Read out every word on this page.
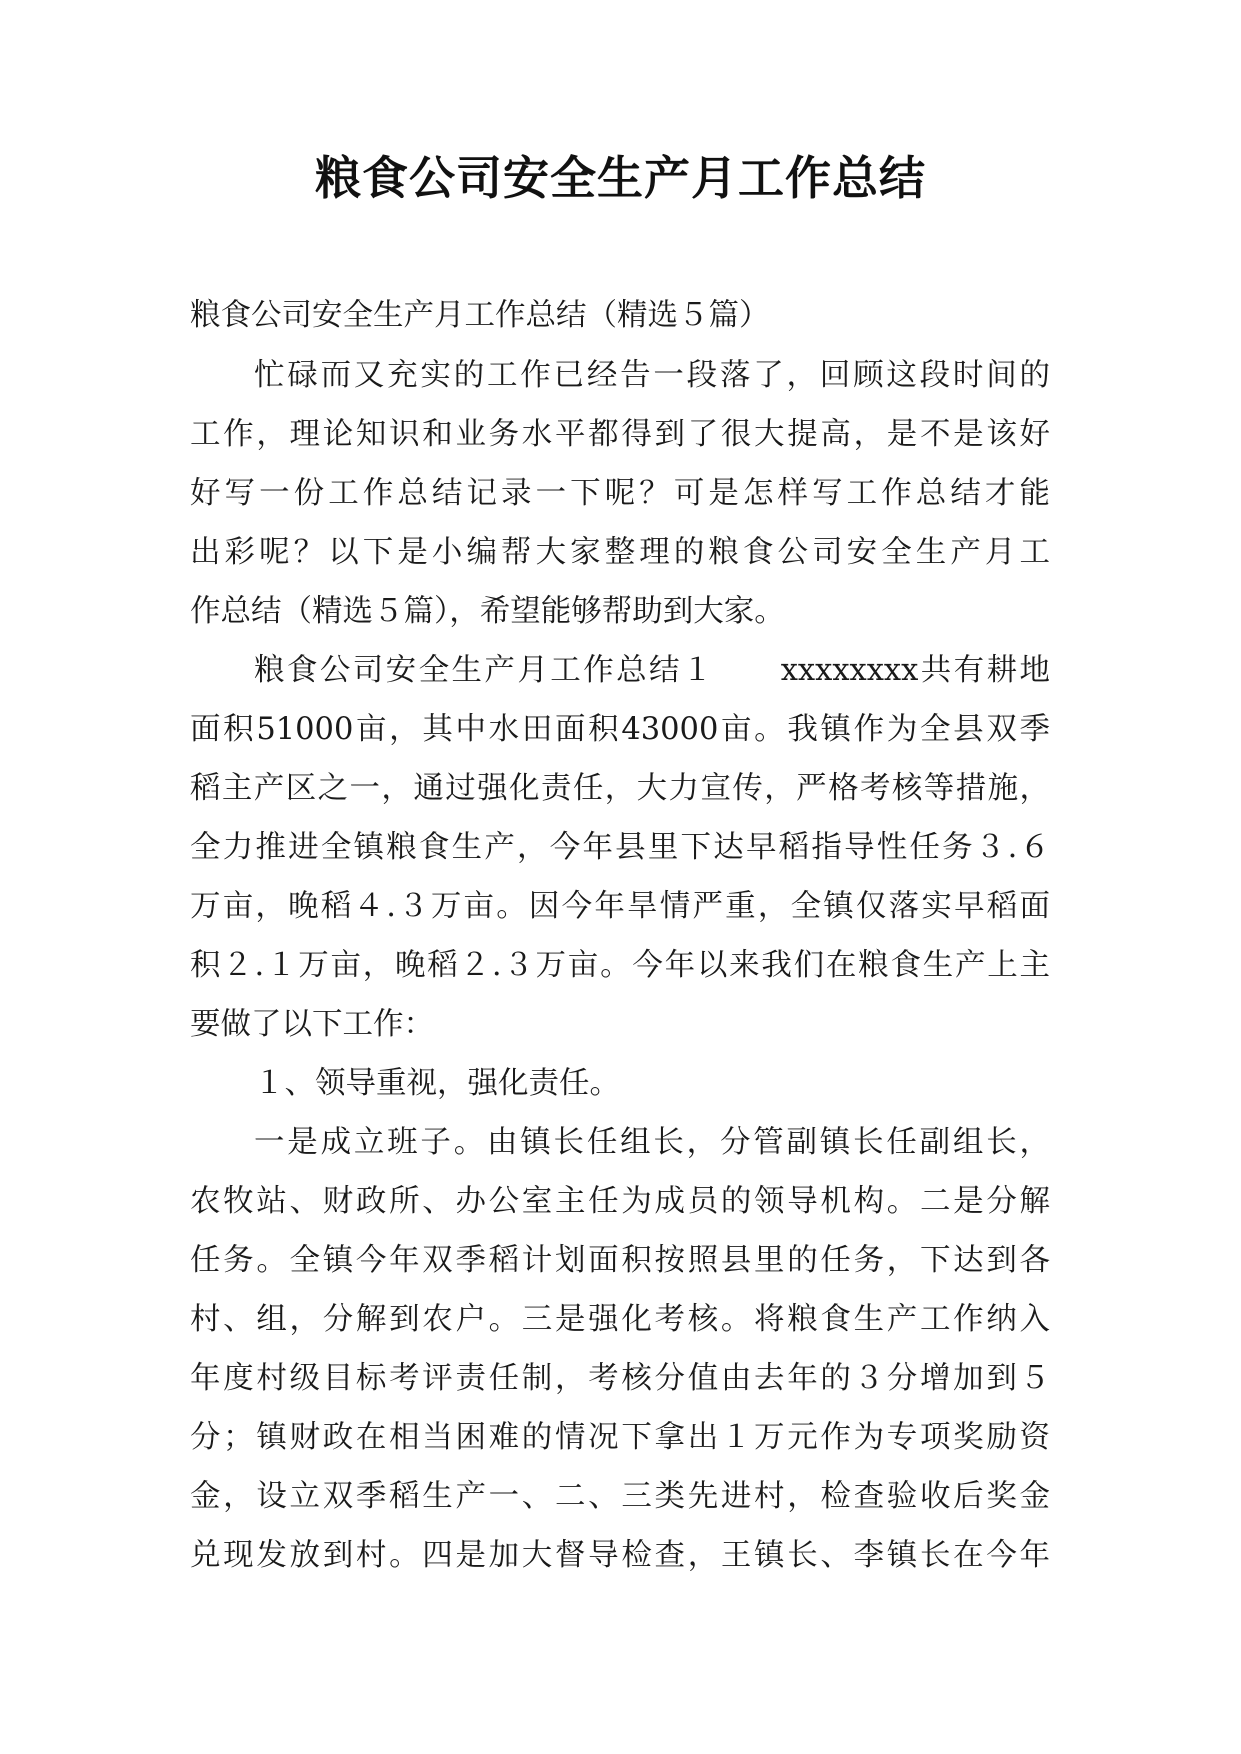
粮食公司安全生产月工作总结

粮食公司安全生产月工作总结（精选５篇）

忙碌而又充实的工作已经告一段落了，回顾这段时间的

工作，理论知识和业务水平都得到了很大提高，是不是该好

好写一份工作总结记录一下呢？可是怎样写工作总结才能

出彩呢？以下是小编帮大家整理的粮食公司安全生产月工

作总结（精选５篇），希望能够帮助到大家。

粮食公司安全生产月工作总结１　　xxxxxxxx共有耕地

面积51000亩，其中水田面积43000亩。我镇作为全县双季

稻主产区之一，通过强化责任，大力宣传，严格考核等措施，

全力推进全镇粮食生产，今年县里下达早稻指导性任务３.６

万亩，晚稻４.３万亩。因今年旱情严重，全镇仅落实早稻面

积２.１万亩，晚稻２.３万亩。今年以来我们在粮食生产上主

要做了以下工作：

１、领导重视，强化责任。

一是成立班子。由镇长任组长，分管副镇长任副组长，

农牧站、财政所、办公室主任为成员的领导机构。二是分解

任务。全镇今年双季稻计划面积按照县里的任务，下达到各

村、组，分解到农户。三是强化考核。将粮食生产工作纳入

年度村级目标考评责任制，考核分值由去年的３分增加到５

分；镇财政在相当困难的情况下拿出１万元作为专项奖励资

金，设立双季稻生产一、二、三类先进村，检查验收后奖金

兑现发放到村。四是加大督导检查，王镇长、李镇长在今年
